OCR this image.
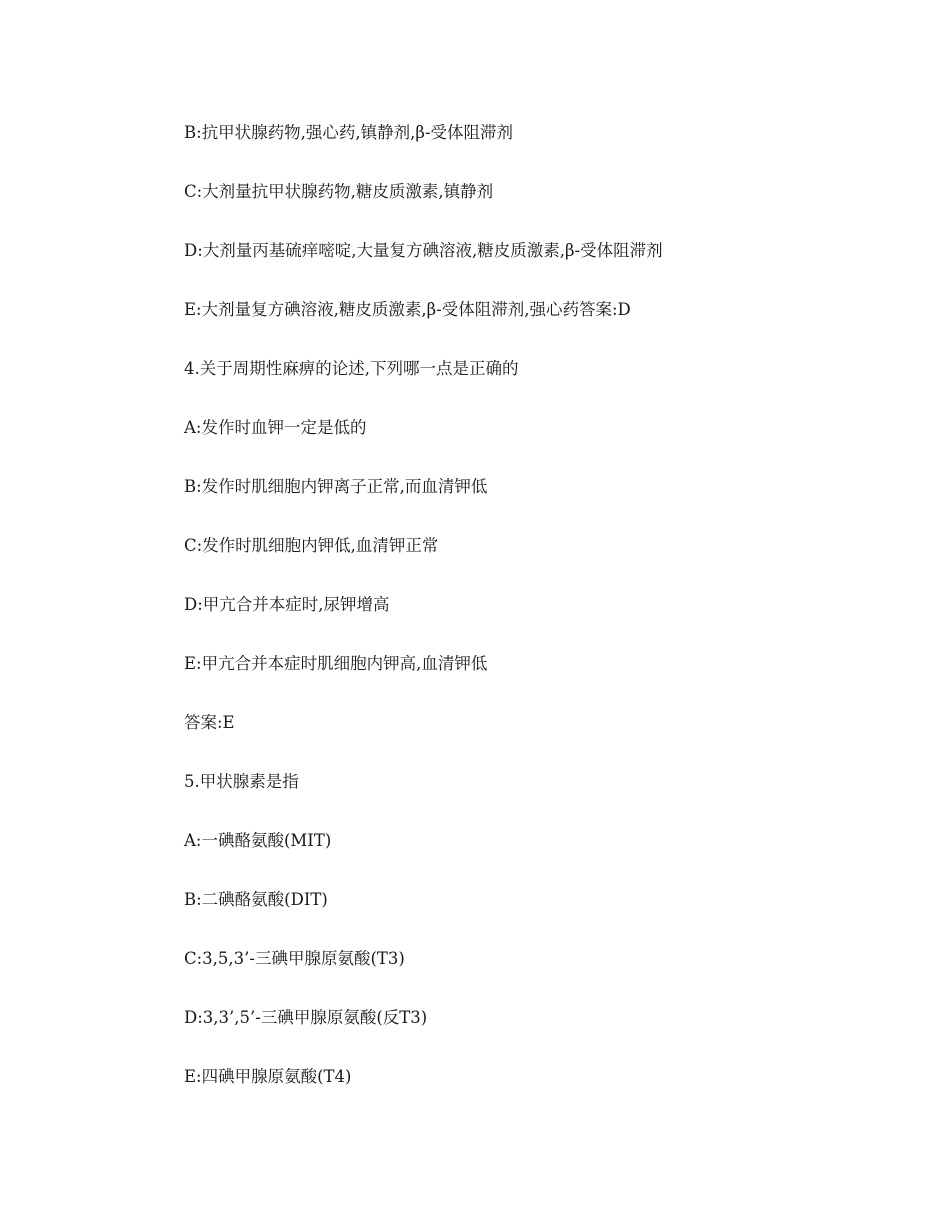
B:抗甲状腺药物,强心药,镇静剂,β-受体阻滞剂

C:大剂量抗甲状腺药物,糖皮质激素,镇静剂

D:大剂量丙基硫痒嘧啶,大量复方碘溶液,糖皮质激素,β-受体阻滞剂

E:大剂量复方碘溶液,糖皮质激素,β-受体阻滞剂,强心药答案:D

4.关于周期性麻痹的论述,下列哪一点是正确的

A:发作时血钾一定是低的

B:发作时肌细胞内钾离子正常,而血清钾低

C:发作时肌细胞内钾低,血清钾正常

D:甲亢合并本症时,尿钾增高

E:甲亢合并本症时肌细胞内钾高,血清钾低

答案:E

5.甲状腺素是指

A:一碘酪氨酸(MIT)

B:二碘酪氨酸(DIT)

C:3,5,3’-三碘甲腺原氨酸(T3)

D:3,3’,5’-三碘甲腺原氨酸(反T3)

E:四碘甲腺原氨酸(T4)
